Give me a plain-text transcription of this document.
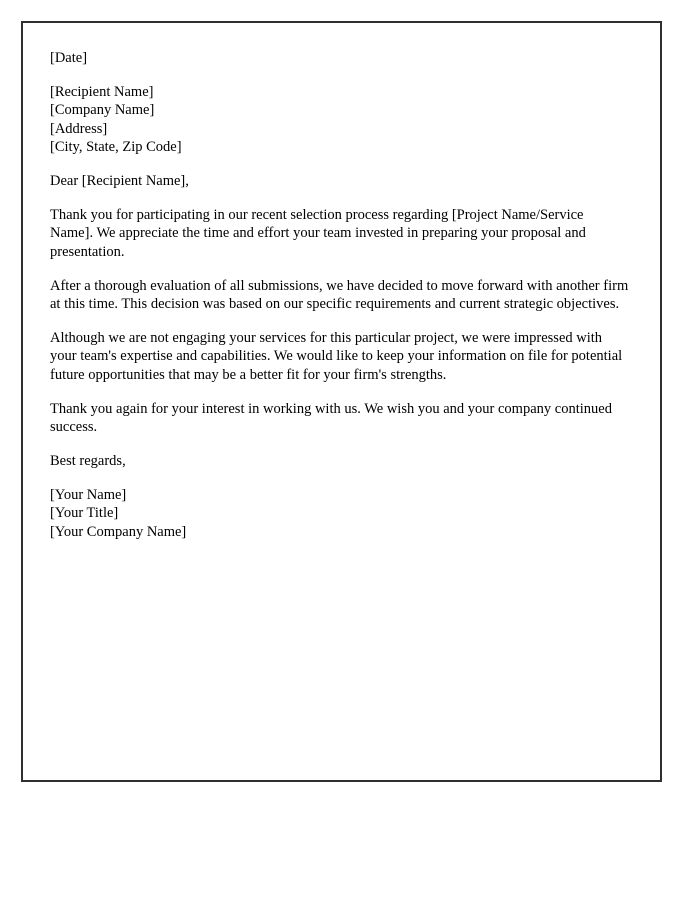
[Date]

[Recipient Name]
[Company Name]
[Address]
[City, State, Zip Code]

Dear [Recipient Name],

Thank you for participating in our recent selection process regarding [Project Name/Service Name]. We appreciate the time and effort your team invested in preparing your proposal and presentation.

After a thorough evaluation of all submissions, we have decided to move forward with another firm at this time. This decision was based on our specific requirements and current strategic objectives.

Although we are not engaging your services for this particular project, we were impressed with your team's expertise and capabilities. We would like to keep your information on file for potential future opportunities that may be a better fit for your firm's strengths.

Thank you again for your interest in working with us. We wish you and your company continued success.

Best regards,

[Your Name]
[Your Title]
[Your Company Name]
